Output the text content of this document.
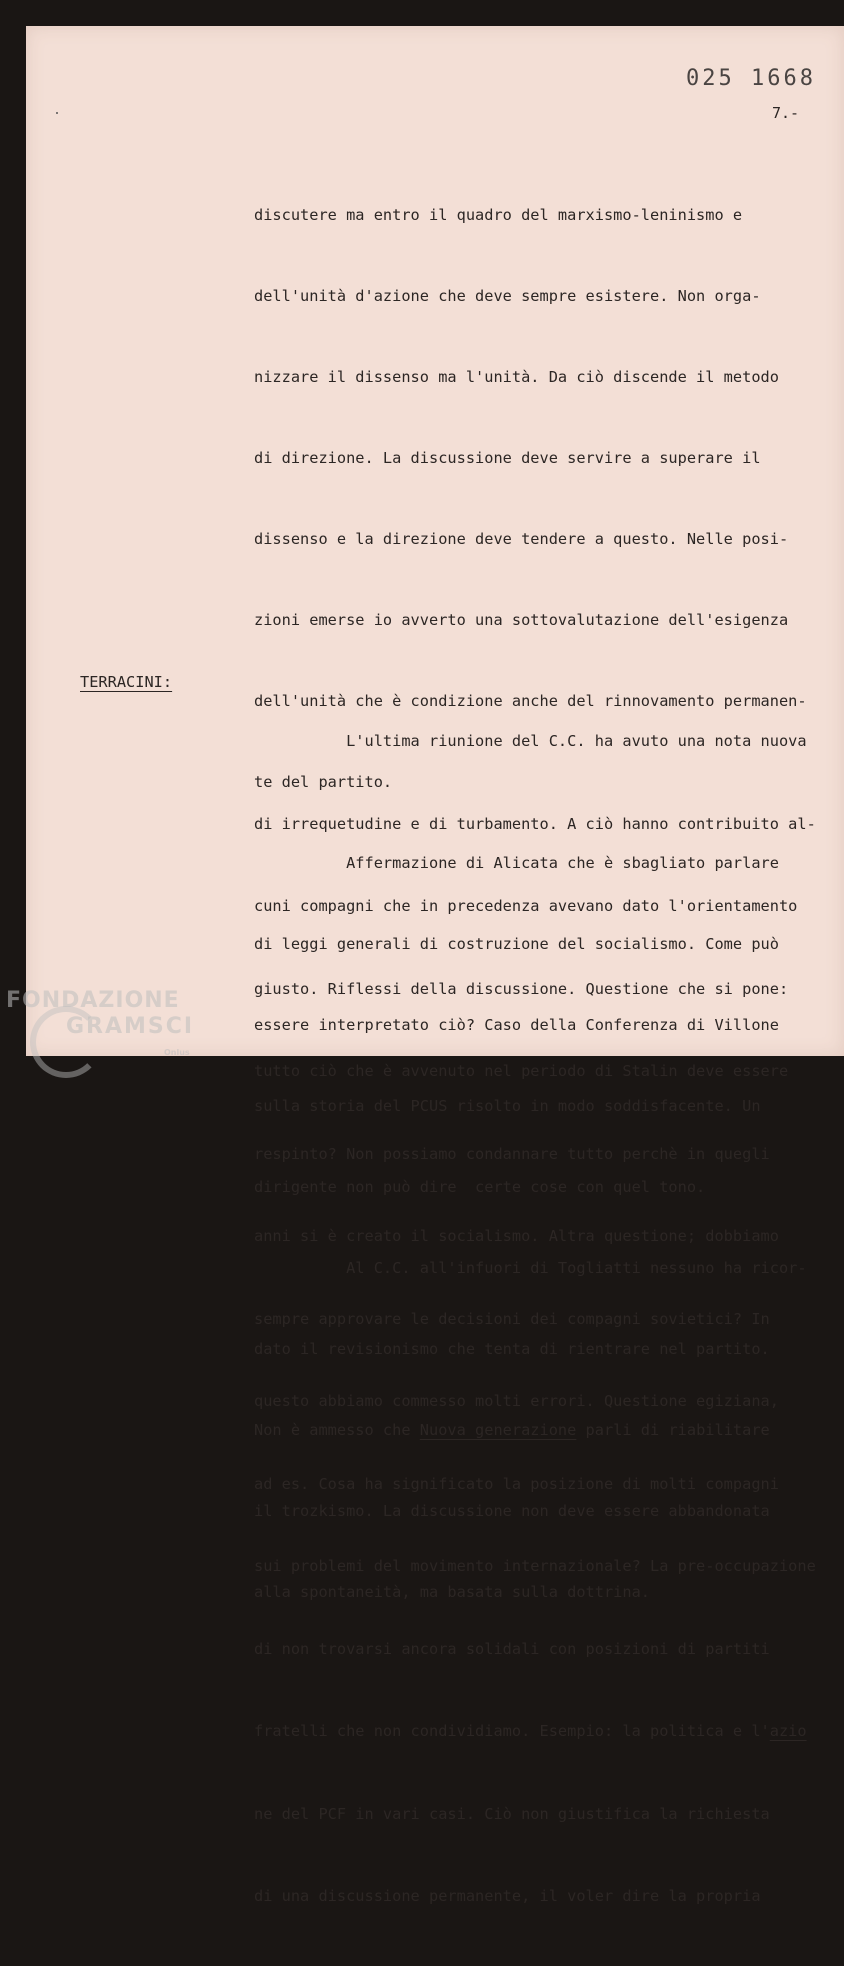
025 1668
7.-

discutere ma entro il quadro del marxismo-leninismo e

dell'unità d'azione che deve sempre esistere. Non orga-

nizzare il dissenso ma l'unità. Da ciò discende il metodo

di direzione. La discussione deve servire a superare il

dissenso e la direzione deve tendere a questo. Nelle posi-

zioni emerse io avverto una sottovalutazione dell'esigenza

dell'unità che è condizione anche del rinnovamento permanen-

te del partito.

Affermazione di Alicata che è sbagliato parlare

di leggi generali di costruzione del socialismo. Come può

essere interpretato ciò? Caso della Conferenza di Villone

sulla storia del PCUS risolto in modo soddisfacente. Un

dirigente non può dire  certe cose con quel tono.

Al C.C. all'infuori di Togliatti nessuno ha ricor-

dato il revisionismo che tenta di rientrare nel partito.

Non è ammesso che Nuova generazione parli di riabilitare

il trozkismo. La discussione non deve essere abbandonata

alla spontaneità, ma basata sulla dottrina.

TERRACINI:

L'ultima riunione del C.C. ha avuto una nota nuova

di irrequetudine e di turbamento. A ciò hanno contribuito al-

cuni compagni che in precedenza avevano dato l'orientamento

giusto. Riflessi della discussione. Questione che si pone:

tutto ciò che è avvenuto nel periodo di Stalin deve essere

respinto? Non possiamo condannare tutto perchè in quegli

anni si è creato il socialismo. Altra questione; dobbiamo

sempre approvare le decisioni dei compagni sovietici? In

questo abbiamo commesso molti errori. Questione egiziana,

ad es. Cosa ha significato la posizione di molti compagni

sui problemi del movimento internazionale? La pre-occupazione

di non trovarsi ancora solidali con posizioni di partiti

fratelli che non condividiamo. Esempio: la politica e l'azio

ne del PCF in vari casi. Ciò non giustifica la richiesta

di una discussione permanente, il voler dire la propria

FONDAZIONE
GRAMSCI
Onlus
